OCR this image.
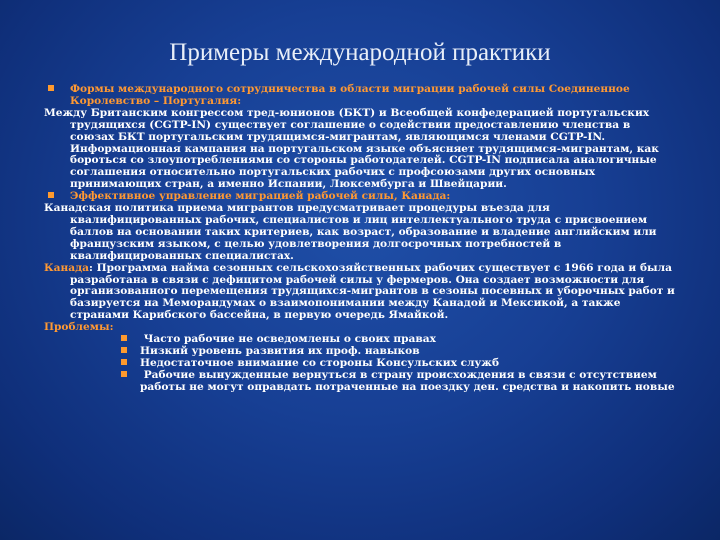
Примеры международной практики

Формы международного сотрудничества в области миграции рабочей силы Соединенное Королевство – Португалия:

Между Британским конгрессом тред-юнионов (БКТ) и Всеобщей конфедерацией португальских трудящихся (CGTP-IN) существует соглашение о содействии предоставлению членства в союзах БКТ португальским трудящимся-мигрантам, являющимся членами CGTP-IN. Информационная кампания на португальском языке объясняет трудящимся-мигрантам, как бороться со злоупотреблениями со стороны работодателей. CGTP-IN подписала аналогичные соглашения относительно португальских рабочих с профсоюзами других основных принимающих стран, а именно Испании, Люксембурга и Швейцарии.

Эффективное управление миграцией рабочей силы, Канада:

Канадская политика приема мигрантов предусматривает процедуры въезда для квалифицированных рабочих, специалистов и лиц интеллектуального труда с присвоением баллов на основании таких критериев, как возраст, образование и владение английским или французским языком, с целью удовлетворения долгосрочных потребностей в квалифицированных специалистах.

Канада: Программа найма сезонных сельскохозяйственных рабочих существует с 1966 года и была разработана в связи с дефицитом рабочей силы у фермеров. Она создает возможности для организованного перемещения трудящихся-мигрантов в сезоны посевных и уборочных работ и базируется на Меморандумах о взаимопонимании между Канадой и Мексикой, а также странами Карибского бассейна, в первую очередь Ямайкой.

Проблемы:

Часто рабочие не осведомлены о своих правах

Низкий уровень развития их проф. навыков

Недостаточное внимание со стороны Консульских служб

Рабочие вынужденные вернуться в страну происхождения в связи с отсутствием работы не могут оправдать потраченные на поездку ден. средства и накопить новые
